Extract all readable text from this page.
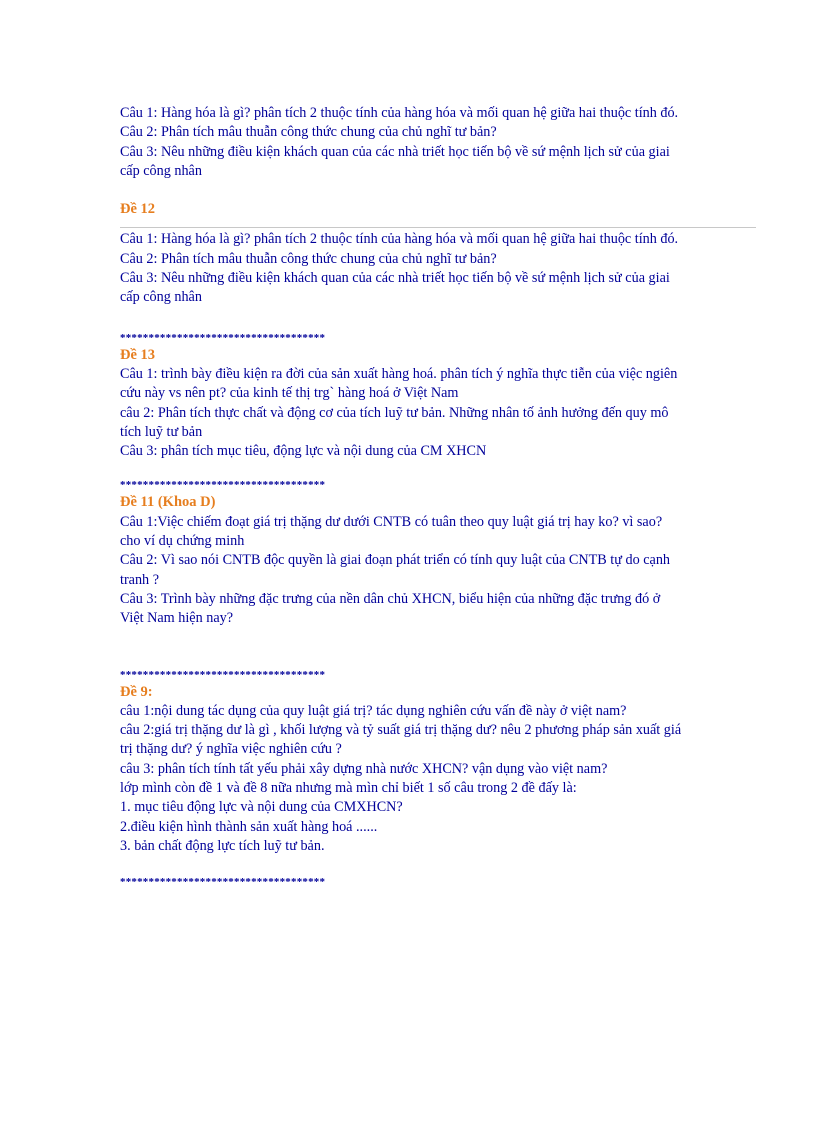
Câu 1: Hàng hóa là gì? phân tích 2 thuộc tính của hàng hóa và mối quan hệ giữa hai thuộc tính đó.
Câu 2: Phân tích mâu thuẫn công thức chung của chủ nghĩ tư bản?
Câu 3: Nêu những điều kiện khách quan của các nhà triết học tiến bộ về sứ mệnh lịch sử của giai
cấp công nhân
Đề 12
Câu 1: Hàng hóa là gì? phân tích 2 thuộc tính của hàng hóa và mối quan hệ giữa hai thuộc tính đó.
Câu 2: Phân tích mâu thuẫn công thức chung của chủ nghĩ tư bản?
Câu 3: Nêu những điều kiện khách quan của các nhà triết học tiến bộ về sứ mệnh lịch sử của giai
cấp công nhân
************************************
Đề 13
Câu 1: trình bày điều kiện ra đời của sản xuất hàng hoá. phân tích ý nghĩa thực tiễn của việc ngiên
cứu này vs nên pt? của kinh tế thị trg` hàng hoá ở Việt Nam
câu 2: Phân tích thực chất và động cơ của tích luỹ tư bản. Những nhân tố ảnh hưởng đến quy mô
tích luỹ tư bản
Câu 3: phân tích mục tiêu, động lực và nội dung của CM XHCN
************************************
Đề 11 (Khoa D)
Câu 1:Việc chiếm đoạt giá trị thặng dư dưới CNTB có tuân theo quy luật giá trị hay ko? vì sao?
cho ví dụ chứng minh
Câu 2: Vì sao nói CNTB độc quyền là giai đoạn phát triển có tính quy luật của CNTB tự do cạnh
tranh ?
Câu 3: Trình bày những đặc trưng của nền dân chủ XHCN, biểu hiện của những đặc trưng đó ở
Việt Nam hiện nay?
************************************
Đề 9:
câu 1:nội dung tác dụng của quy luật giá trị? tác dụng nghiên cứu vấn đề này ở việt nam?
câu 2:giá trị thặng dư là gì , khối lượng và tỷ suất giá trị thặng dư? nêu 2 phương pháp sản xuất giá
trị thặng dư? ý nghĩa việc nghiên cứu ?
câu 3: phân tích tính tất yếu phải xây dựng nhà nước XHCN? vận dụng vào việt nam?
lớp mình còn đề 1 và đề 8 nữa nhưng mà mìn chỉ biết 1 số câu trong 2 đề đấy là:
1. mục tiêu động lực và nội dung của CMXHCN?
2.điều kiện hình thành sản xuất hàng hoá ......
3. bản chất động lực tích luỹ tư bản.
************************************
